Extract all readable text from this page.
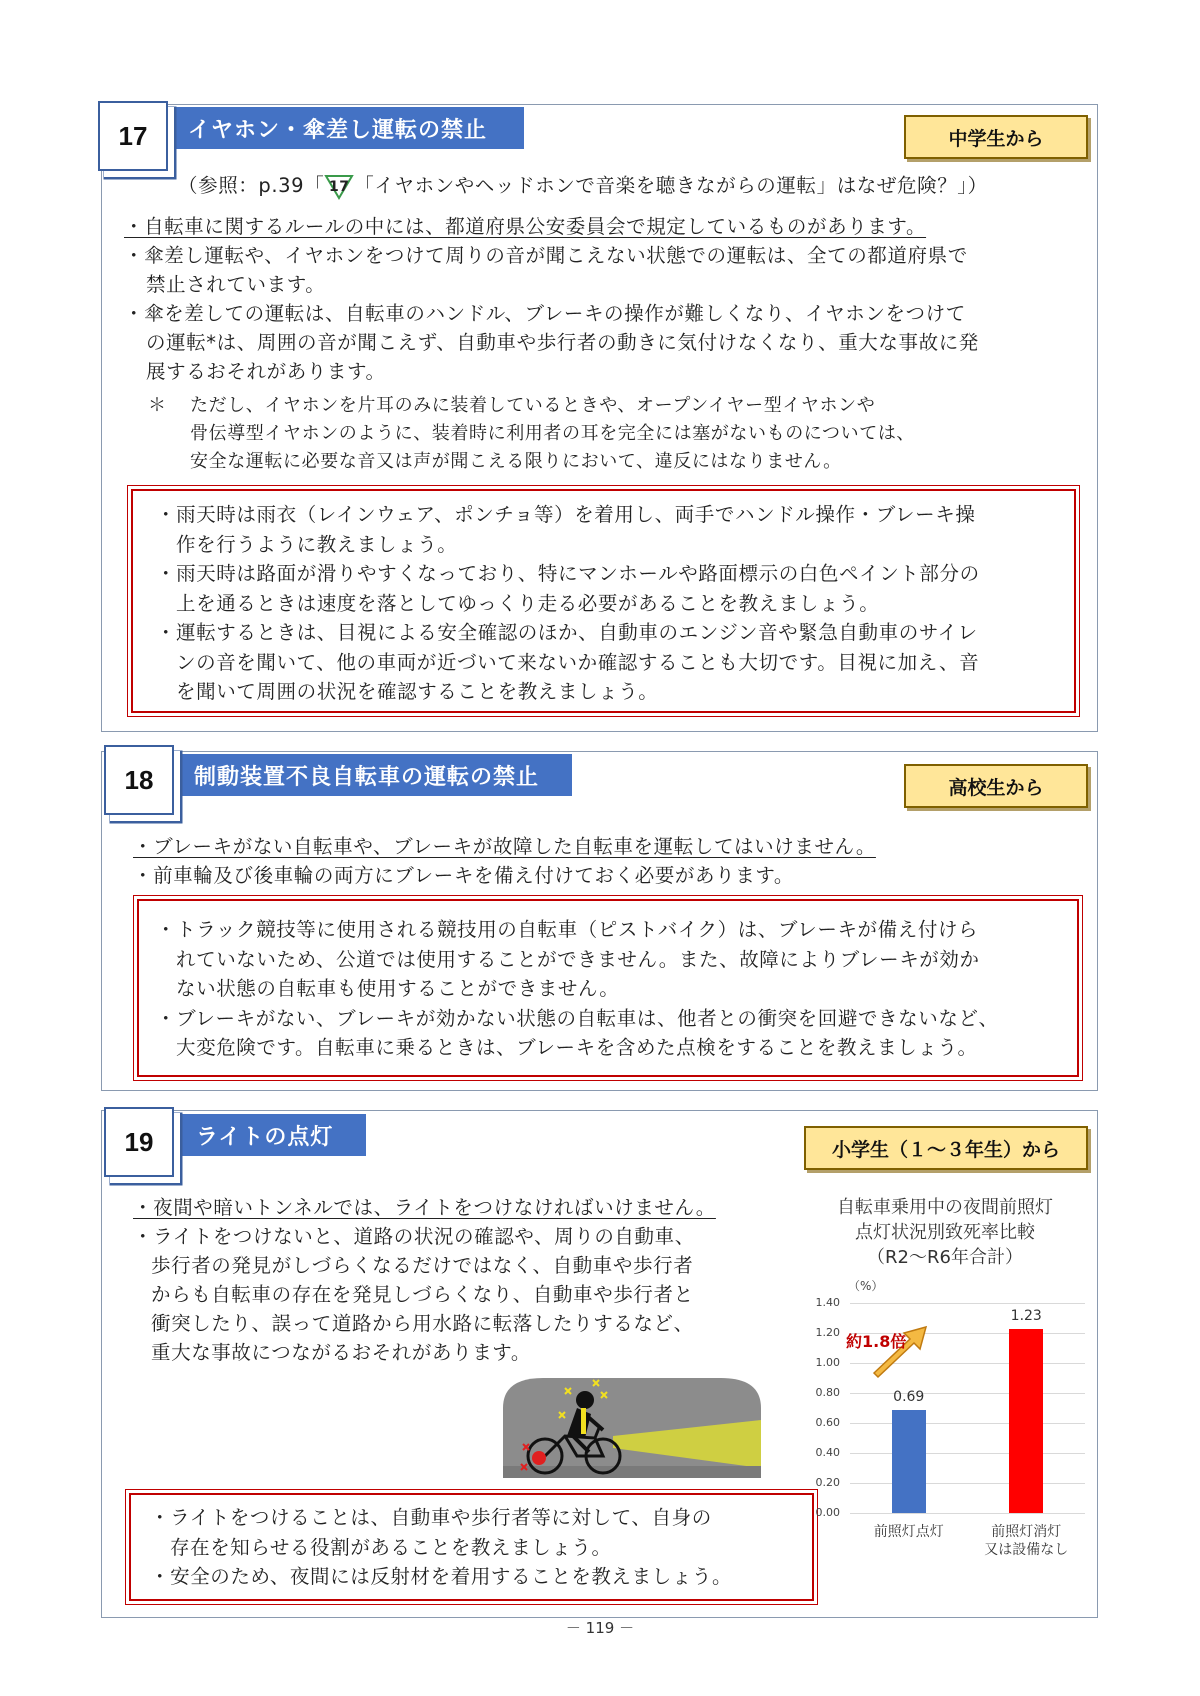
17	イヤホン・傘差し運転の禁止	中学生から
（参照：p.39「 17 「イヤホンやヘッドホンで音楽を聴きながらの運転」はなぜ危険？」）

・自転車に関するルールの中には、都道府県公安委員会で規定しているものがあります。

・傘差し運転や、イヤホンをつけて周りの音が聞こえない状態での運転は、全ての都道府県で

禁止されています。

・傘を差しての運転は、自転車のハンドル、ブレーキの操作が難しくなり、イヤホンをつけて

の運転*は、周囲の音が聞こえず、自動車や歩行者の動きに気付けなくなり、重大な事故に発

展するおそれがあります。

＊	ただし、イヤホンを片耳のみに装着しているときや、オープンイヤー型イヤホンや

骨伝導型イヤホンのように、装着時に利用者の耳を完全には塞がないものについては、

安全な運転に必要な音又は声が聞こえる限りにおいて、違反にはなりません。

・雨天時は雨衣（レインウェア、ポンチョ等）を着用し、両手でハンドル操作・ブレーキ操

作を行うように教えましょう。

・雨天時は路面が滑りやすくなっており、特にマンホールや路面標示の白色ペイント部分の

上を通るときは速度を落としてゆっくり走る必要があることを教えましょう。

・運転するときは、目視による安全確認のほか、自動車のエンジン音や緊急自動車のサイレ

ンの音を聞いて、他の車両が近づいて来ないか確認することも大切です。目視に加え、音

を聞いて周囲の状況を確認することを教えましょう。

18	制動装置不良自転車の運転の禁止	高校生から

・ブレーキがない自転車や、ブレーキが故障した自転車を運転してはいけません。

・前車輪及び後車輪の両方にブレーキを備え付けておく必要があります。

・トラック競技等に使用される競技用の自転車（ピストバイク）は、ブレーキが備え付けら

れていないため、公道では使用することができません。また、故障によりブレーキが効か

ない状態の自転車も使用することができません。

・ブレーキがない、ブレーキが効かない状態の自転車は、他者との衝突を回避できないなど、

大変危険です。自転車に乗るときは、ブレーキを含めた点検をすることを教えましょう。

19	ライトの点灯	小学生（１～３年生）から

・夜間や暗いトンネルでは、ライトをつけなければいけません。

・ライトをつけないと、道路の状況の確認や、周りの自動車、

歩行者の発見がしづらくなるだけではなく、自動車や歩行者

からも自転車の存在を発見しづらくなり、自動車や歩行者と

衝突したり、誤って道路から用水路に転落したりするなど、

重大な事故につながるおそれがあります。

・ライトをつけることは、自動車や歩行者等に対して、自身の

存在を知らせる役割があることを教えましょう。

・安全のため、夜間には反射材を着用することを教えましょう。

自転車乗用中の夜間前照灯
点灯状況別致死率比較
（R2～R6年合計）
（%）
0.00
0.20
0.40
0.60
0.80
1.00
1.20
1.40
0.69
前照灯点灯
1.23
前照灯消灯
又は設備なし
約1.8倍
－ 119 －
